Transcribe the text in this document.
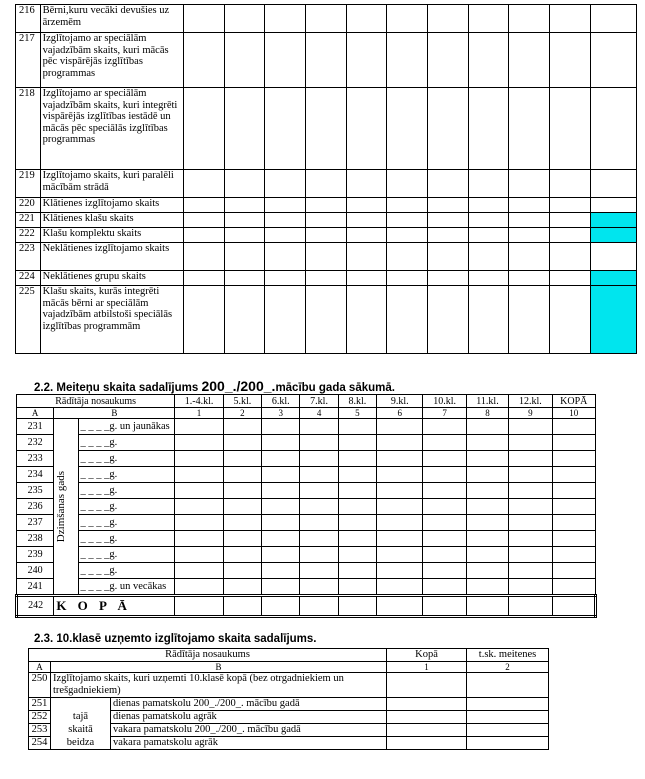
216	Bērni,kuru vecāki devušies uz ārzemēm											
217	Izglītojamo ar speciālām vajadzībām skaits, kuri mācās pēc vispārējās izglītības programmas											
218	Izglītojamo ar speciālām vajadzībām skaits, kuri integrēti vispārējās izglītības iestādē un mācās pēc speciālās izglītības programmas											
219	Izglītojamo skaits, kuri paralēli mācībām strādā											
220	Klātienes izglītojamo skaits											
221	Klātienes klašu skaits											
222	Klašu komplektu skaits											
223	Neklātienes izglītojamo skaits											
224	Neklātienes grupu skaits											
225	Klašu skaits, kurās integrēti mācās bērni ar speciālām vajadzībām atbilstoši speciālās izglītības programmām											
2.2. Meiteņu skaita sadalījums 200_./200_.mācību gada sākumā.
Rādītāja nosaukums			1.-4.kl.	5.kl.	6.kl.	7.kl.	8.kl.	9.kl.	10.kl.	11.kl.	12.kl.	KOPĀ
A	B		1	2	3	4	5	6	7	8	9	10
231	Dzimšanas gads	_ _ _ _g. un jaunākas										
232		_ _ _ _g.										
233		_ _ _ _g.										
234		_ _ _ _g.										
235		_ _ _ _g.										
236		_ _ _ _g.										
237		_ _ _ _g.										
238		_ _ _ _g.										
239		_ _ _ _g.										
240		_ _ _ _g.										
241		_ _ _ _g. un vecākas										
242	K O P Ā											
2.3. 10.klasē uzņemto izglītojamo skaita sadalījums.
Rādītāja nosaukums			Kopā	t.sk. meitenes
A	B		1	2
250	Izglītojamo skaits, kuri uzņemti 10.klasē kopā (bez otrgadniekiem un trešgadniekiem)			
251		dienas pamatskolu 200_./200_. mācību gadā		
252	tajā	dienas pamatskolu agrāk		
253	skaitā	vakara pamatskolu 200_./200_. mācību gadā		
254	beidza	vakara pamatskolu agrāk		
